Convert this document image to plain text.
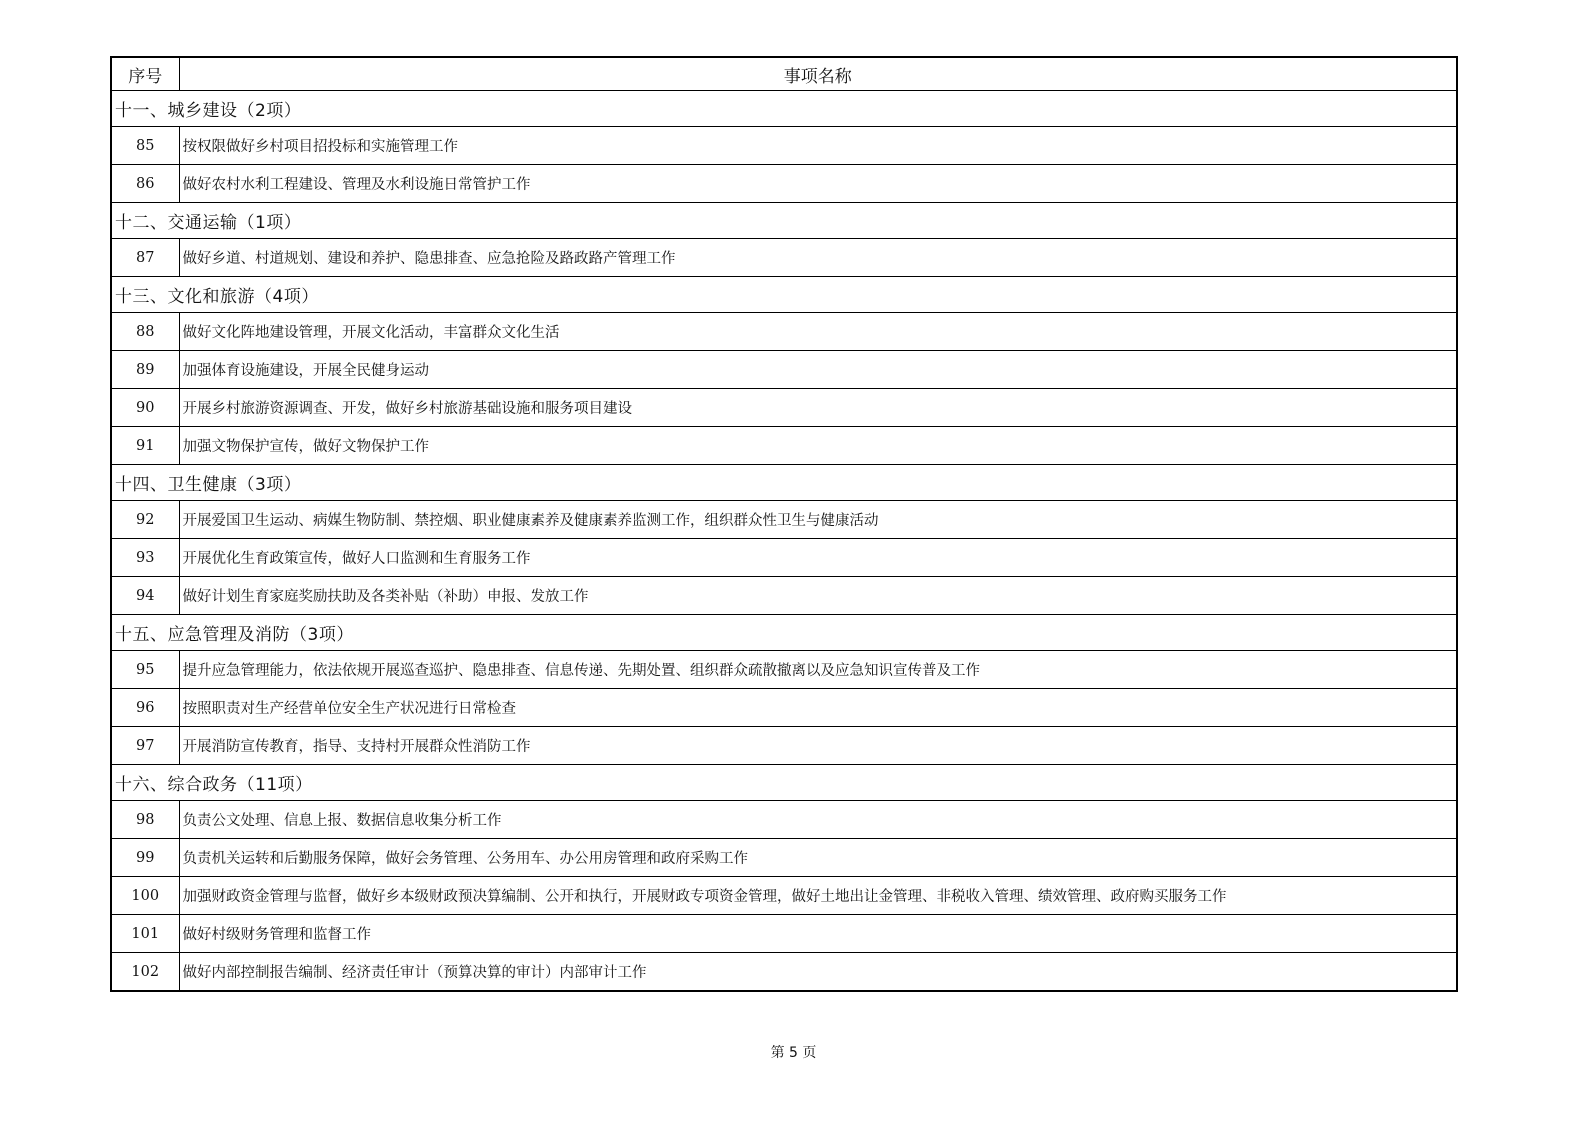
序号	事项名称
十一、城乡建设（2项）	
85	按权限做好乡村项目招投标和实施管理工作
86	做好农村水利工程建设、管理及水利设施日常管护工作
十二、交通运输（1项）	
87	做好乡道、村道规划、建设和养护、隐患排查、应急抢险及路政路产管理工作
十三、文化和旅游（4项）	
88	做好文化阵地建设管理，开展文化活动，丰富群众文化生活
89	加强体育设施建设，开展全民健身运动
90	开展乡村旅游资源调查、开发，做好乡村旅游基础设施和服务项目建设
91	加强文物保护宣传，做好文物保护工作
十四、卫生健康（3项）	
92	开展爱国卫生运动、病媒生物防制、禁控烟、职业健康素养及健康素养监测工作，组织群众性卫生与健康活动
93	开展优化生育政策宣传，做好人口监测和生育服务工作
94	做好计划生育家庭奖励扶助及各类补贴（补助）申报、发放工作
十五、应急管理及消防（3项）	
95	提升应急管理能力，依法依规开展巡查巡护、隐患排查、信息传递、先期处置、组织群众疏散撤离以及应急知识宣传普及工作
96	按照职责对生产经营单位安全生产状况进行日常检查
97	开展消防宣传教育，指导、支持村开展群众性消防工作
十六、综合政务（11项）	
98	负责公文处理、信息上报、数据信息收集分析工作
99	负责机关运转和后勤服务保障，做好会务管理、公务用车、办公用房管理和政府采购工作
100	加强财政资金管理与监督，做好乡本级财政预决算编制、公开和执行，开展财政专项资金管理，做好土地出让金管理、非税收入管理、绩效管理、政府购买服务工作
101	做好村级财务管理和监督工作
102	做好内部控制报告编制、经济责任审计（预算决算的审计）内部审计工作
第 5 页
